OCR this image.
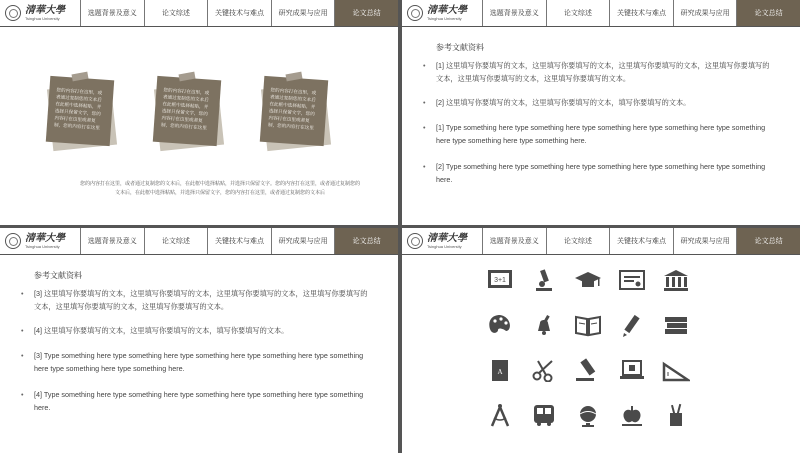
清華大學
Tsinghua University
选题背景及意义	论文综述	关键技术与难点	研究成果与应用	论文总结
您的内容打在这里，或者通过复制您的文本后在此框中选择粘贴，并选择只保留文字，您的内容打在这里或者复制，您的内容打在这里
您的内容打在这里，或者通过复制您的文本后在此框中选择粘贴，并选择只保留文字，您的内容打在这里或者复制，您的内容打在这里
您的内容打在这里，或者通过复制您的文本后在此框中选择粘贴，并选择只保留文字，您的内容打在这里或者复制，您的内容打在这里
您的内容打在这里，或者通过复制您的文本后，在此框中选择粘贴，并选择只保留文字。您的内容打在这里，或者通过复制您的文本后，在此框中选择粘贴，并选择只保留文字，您的内容打在这里，或者通过复制您的文本后
清華大學
Tsinghua University
选题背景及意义	论文综述	关键技术与难点	研究成果与应用	论文总结
参考文献资料
• [1] 这里填写你要填写的文本，这里填写你要填写的文本，这里填写你要填写的文本，这里填写你要填写的文本，这里填写你要填写的文本，这里填写你要填写的文本。
• [2] 这里填写你要填写的文本，这里填写你要填写的文本，填写你要填写的文本。
• [1] Type something here type something here type something here type something here type something here type something here type something here.
• [2] Type something here type something here type something here type something here type something here.
清華大學
Tsinghua University
选题背景及意义	论文综述	关键技术与难点	研究成果与应用	论文总结
参考文献资料
• [3] 这里填写你要填写的文本，这里填写你要填写的文本，这里填写你要填写的文本，这里填写你要填写的文本，这里填写你要填写的文本，这里填写你要填写的文本。
• [4] 这里填写你要填写的文本，这里填写你要填写的文本，填写你要填写的文本。
• [3] Type something here type something here type something here type something here type something here type something here type something here.
• [4] Type something here type something here type something here type something here type something here.
清華大學
Tsinghua University
选题背景及意义	论文综述	关键技术与难点	研究成果与应用	论文总结
3+1
A
